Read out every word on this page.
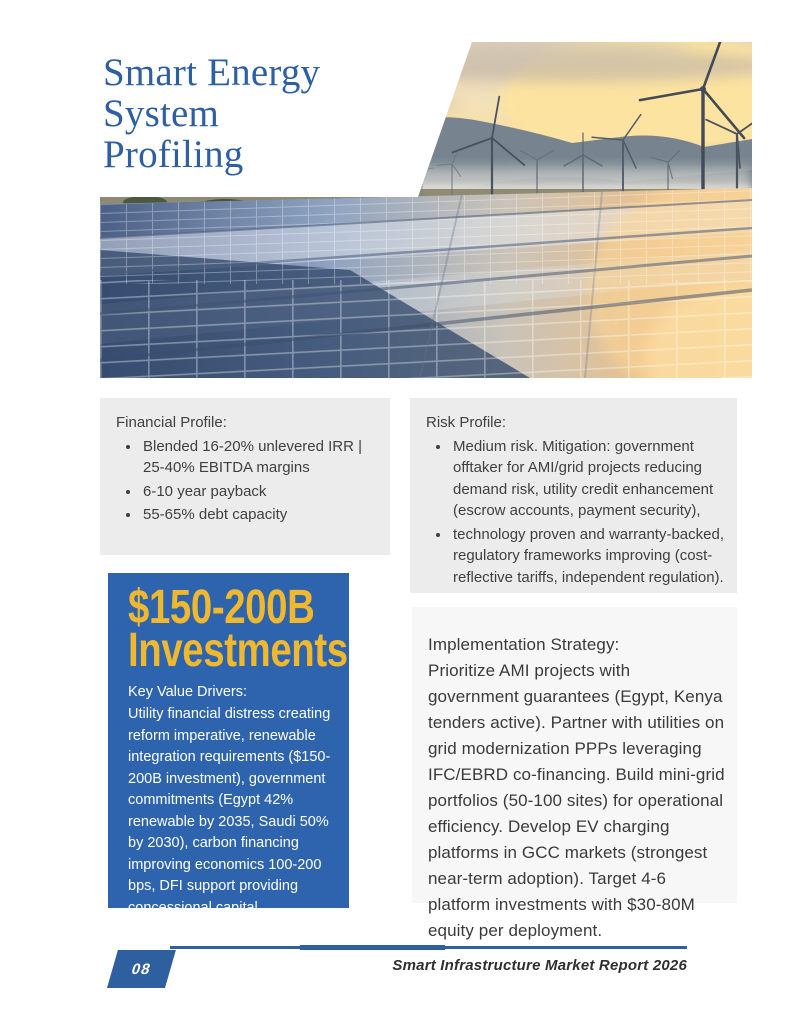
Smart Energy
System
Profiling
Financial Profile:
• Blended 16-20% unlevered IRR | 25-40% EBITDA margins
• 6-10 year payback
• 55-65% debt capacity
Risk Profile:
• Medium risk. Mitigation: government offtaker for AMI/grid projects reducing demand risk, utility credit enhancement (escrow accounts, payment security),
• technology proven and warranty-backed, regulatory frameworks improving (cost-reflective tariffs, independent regulation).
$150-200B
Investments
Key Value Drivers:
Utility financial distress creating reform imperative, renewable integration requirements ($150-200B investment), government commitments (Egypt 42% renewable by 2035, Saudi 50% by 2030), carbon financing improving economics 100-200 bps, DFI support providing concessional capital.
Implementation Strategy:
Prioritize AMI projects with government guarantees (Egypt, Kenya tenders active). Partner with utilities on grid modernization PPPs leveraging IFC/EBRD co-financing. Build mini-grid portfolios (50-100 sites) for operational efficiency. Develop EV charging platforms in GCC markets (strongest near-term adoption). Target 4-6 platform investments with $30-80M equity per deployment.
08	Smart Infrastructure Market Report 2026
